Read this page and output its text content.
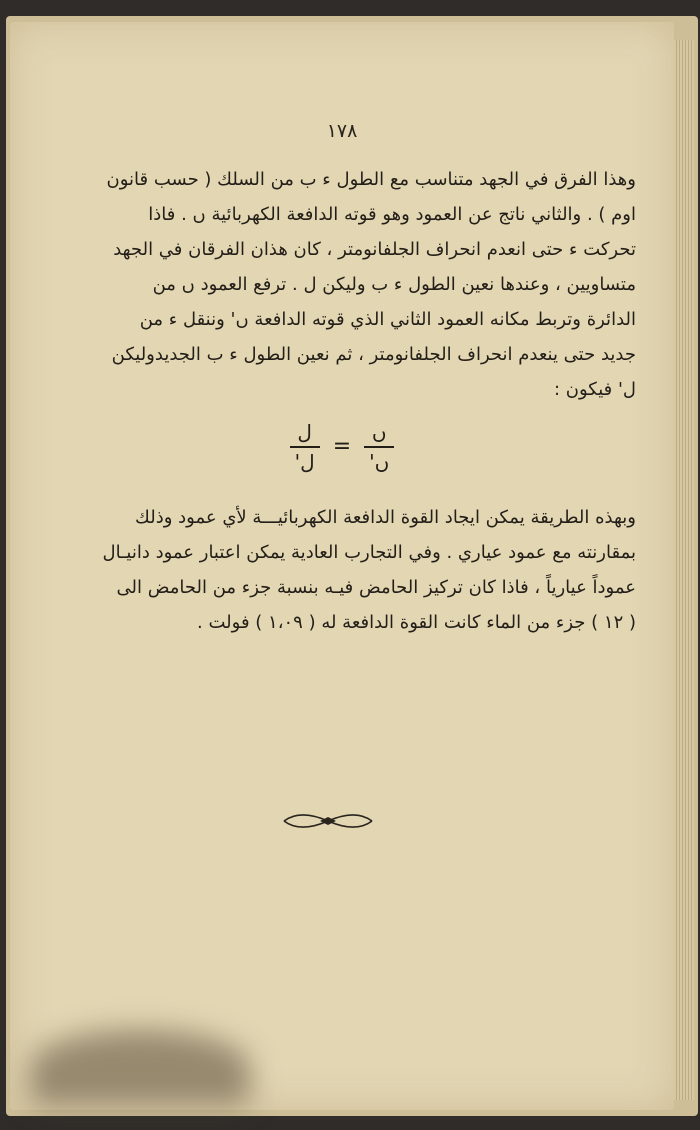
١٧٨
وهذا الفرق في الجهد متناسب مع الطول ء ب من السلك ( حسب قانون
اوم ) . والثاني ناتج عن العمود وهو قوته الدافعة الكهربائية ں . فاذا
تحركت ء حتى انعدم انحراف الجلفانومتر ، كان هذان الفرقان في الجهد
متساويين ، وعندها نعين الطول ء ب وليكن ل . ترفع العمود ں من
الدائرة وتربط مكانه العمود الثاني الذي قوته الدافعة ں' وننقل ء من
جديد حتى ينعدم انحراف الجلفانومتر ، ثم نعين الطول ء ب الجديدوليكن
ل' فيكون :
$\frac{\text{ں}}{\text{ں'}}$
=
$\frac{\text{ل}}{\text{ل'}}$
وبهذه الطريقة يمكن ايجاد القوة الدافعة الكهربائيـــة لأي عمود وذلك
بمقارنته مع عمود عياري . وفي التجارب العادية يمكن اعتبار عمود دانيـال
عموداً عيارياً ، فاذا كان تركيز الحامض فيـه بنسبة جزء من الحامض الى
( ١٢ ) جزء من الماء كانت القوة الدافعة له ( ١،٠٩ ) فولت .
